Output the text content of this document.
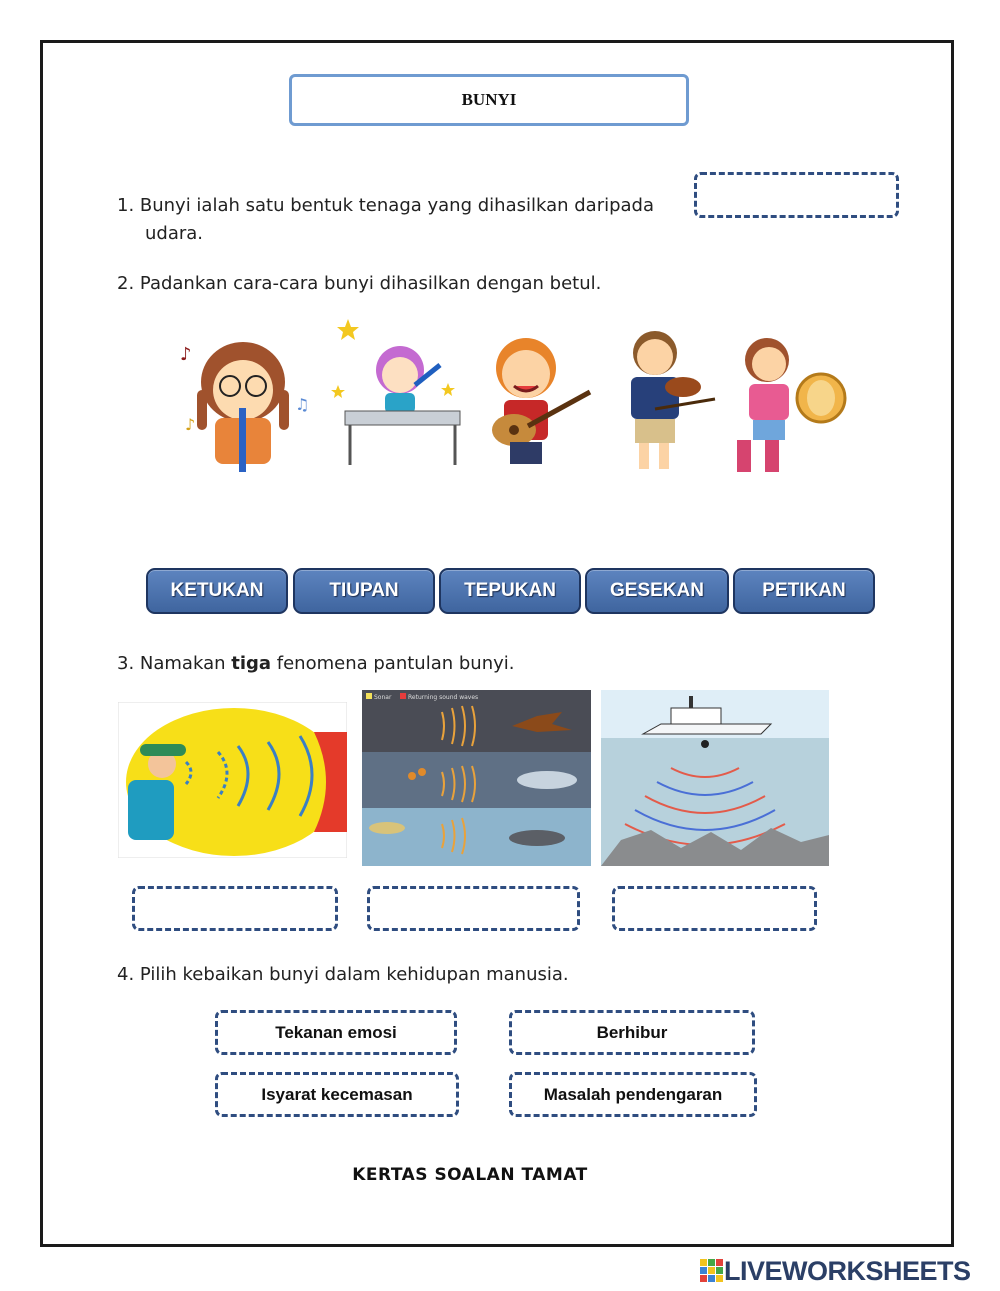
BUNYI
1. Bunyi ialah satu bentuk tenaga yang dihasilkan daripada
udara.
2. Padankan cara-cara bunyi dihasilkan dengan betul.
♪
♫
♪
KETUKAN	TIUPAN	TEPUKAN	GESEKAN	PETIKAN
3. Namakan tiga fenomena pantulan bunyi.
Sonar	Returning sound waves
4. Pilih kebaikan bunyi dalam kehidupan manusia.
Tekanan emosi	Berhibur
Isyarat kecemasan	Masalah pendengaran
KERTAS SOALAN TAMAT
LIVEWORKSHEETS
